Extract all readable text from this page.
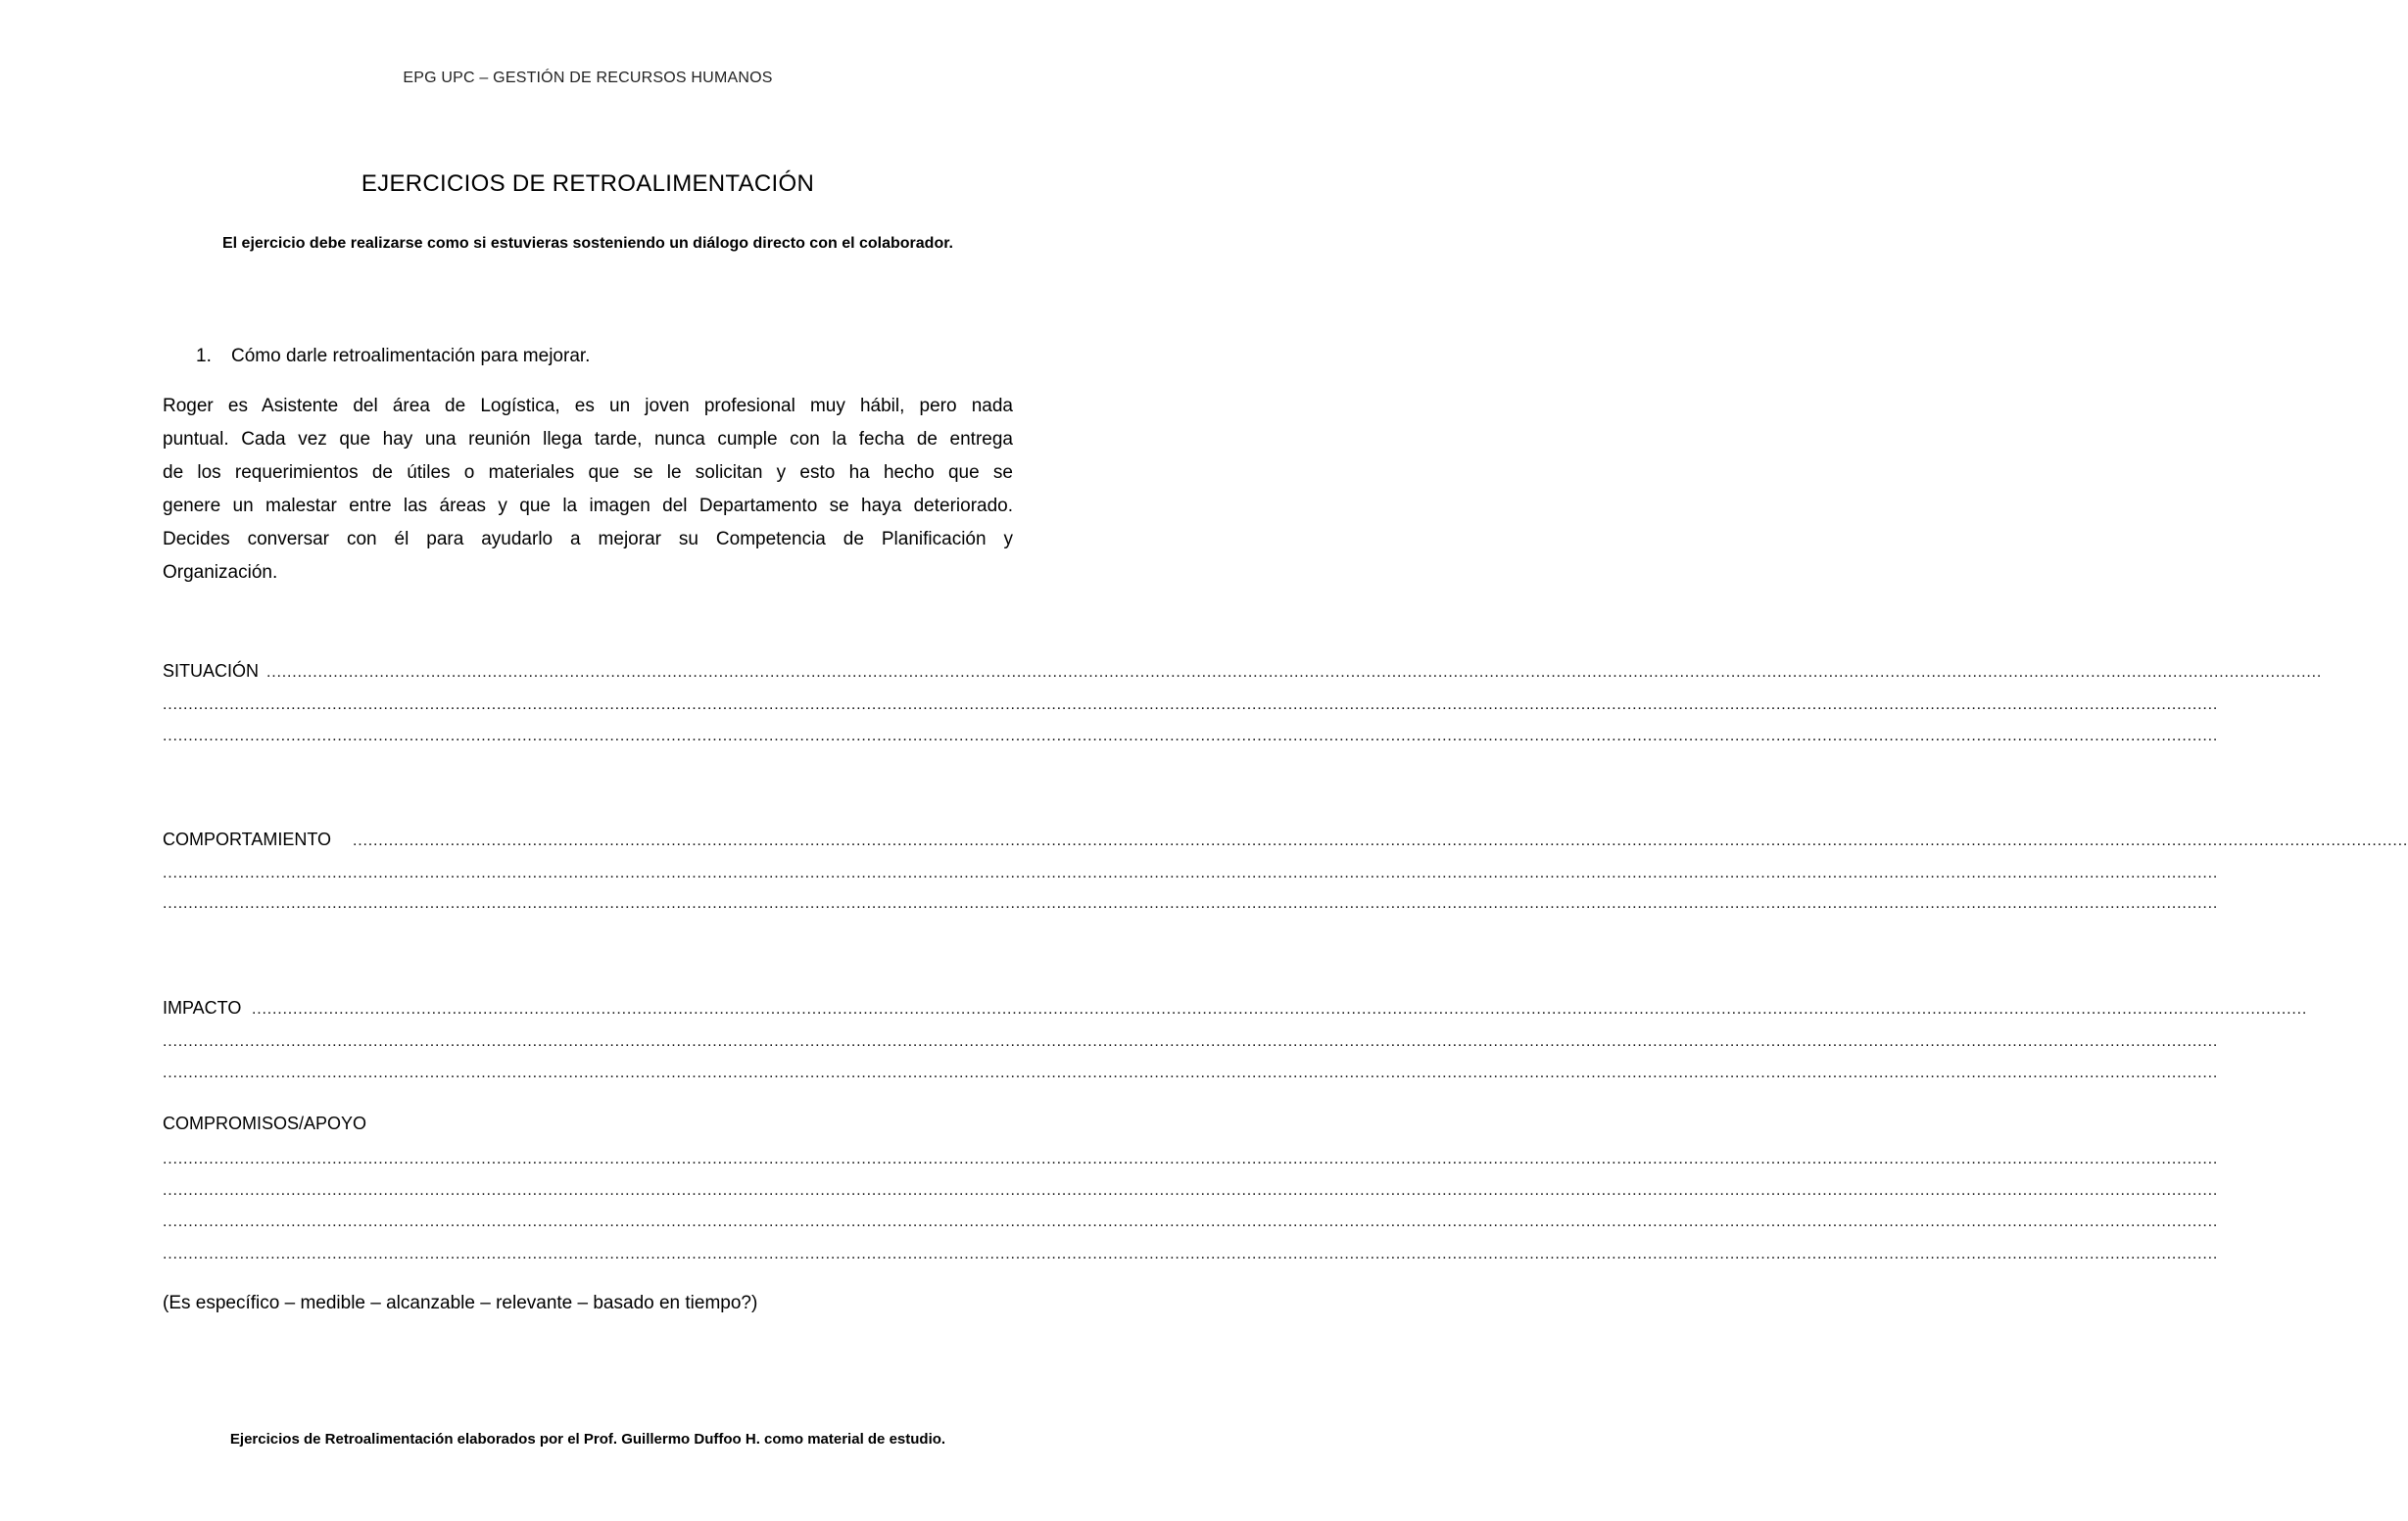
EPG UPC – GESTIÓN DE RECURSOS HUMANOS
EJERCICIOS DE RETROALIMENTACIÓN
El ejercicio debe realizarse como si estuvieras sosteniendo un diálogo directo con el colaborador.
1. Cómo darle retroalimentación para mejorar.
Roger es Asistente del área de Logística, es un joven profesional muy hábil, pero nada
puntual. Cada vez que hay una reunión llega tarde, nunca cumple con la fecha de entrega
de los requerimientos de útiles o materiales que se le solicitan y esto ha hecho que se
genere un malestar entre las áreas y que la imagen del Departamento se haya deteriorado.
Decides conversar con él para ayudarlo a mejorar su Competencia de Planificación y
Organización.
SITUACIÓN ................................................................................................................................................................................................................................................................................................................................................................................................................
................................................................................................................................................................................................................................................................................................................................................................................................................
................................................................................................................................................................................................................................................................................................................................................................................................................
COMPORTAMIENTO ................................................................................................................................................................................................................................................................................................................................................................................................................
................................................................................................................................................................................................................................................................................................................................................................................................................
................................................................................................................................................................................................................................................................................................................................................................................................................
IMPACTO ................................................................................................................................................................................................................................................................................................................................................................................................................
................................................................................................................................................................................................................................................................................................................................................................................................................
................................................................................................................................................................................................................................................................................................................................................................................................................
COMPROMISOS/APOYO
................................................................................................................................................................................................................................................................................................................................................................................................................
................................................................................................................................................................................................................................................................................................................................................................................................................
................................................................................................................................................................................................................................................................................................................................................................................................................
................................................................................................................................................................................................................................................................................................................................................................................................................
(Es específico – medible – alcanzable – relevante – basado en tiempo?)
Ejercicios de Retroalimentación elaborados por el Prof. Guillermo Duffoo H. como material de estudio.
